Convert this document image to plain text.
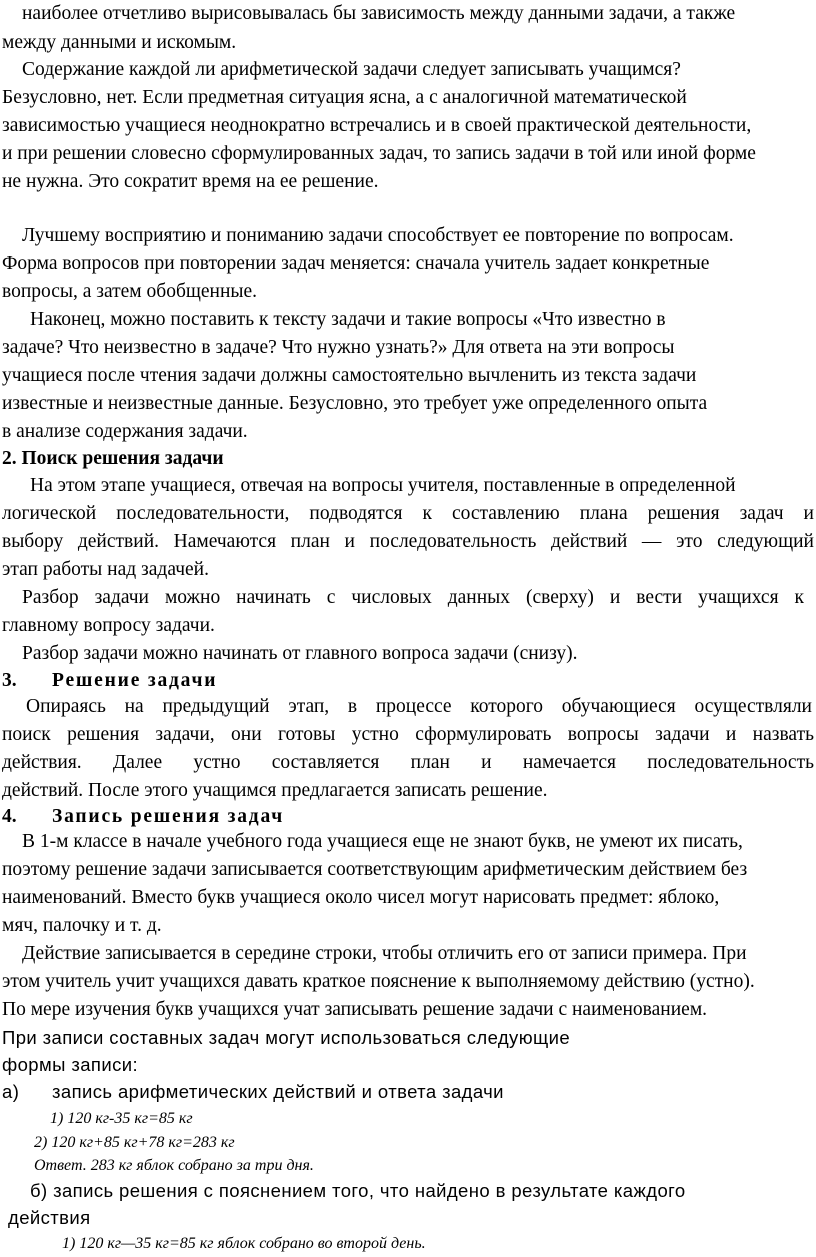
наиболее отчетливо вырисовывалась бы зависимость между данными задачи, а также
между данными и искомым.
Содержание каждой ли арифметической задачи следует записывать учащимся?
Безусловно, нет. Если предметная ситуация ясна, а с аналогичной математической
зависимостью учащиеся неоднократно встречались и в своей практической деятельности,
и при решении словесно сформулированных задач, то запись задачи в той или иной форме
не нужна. Это сократит время на ее решение.
Лучшему восприятию и пониманию задачи способствует ее повторение по вопросам.
Форма вопросов при повторении задач меняется: сначала учитель задает конкретные
вопросы, а затем обобщенные.
Наконец, можно поставить к тексту задачи и такие вопросы «Что известно в
задаче? Что неизвестно в задаче? Что нужно узнать?» Для ответа на эти вопросы
учащиеся после чтения задачи должны самостоятельно вычленить из текста задачи
известные и неизвестные данные. Безусловно, это требует уже определенного опыта
в анализе содержания задачи.
2. Поиск решения задачи
На этом этапе учащиеся, отвечая на вопросы учителя, поставленные в определенной
логической последовательности, подводятся к составлению плана решения задач и
выбору действий. Намечаются план и последовательность действий — это следующий
этап работы над задачей.
Разбор задачи можно начинать с числовых данных (сверху) и вести учащихся к
главному вопросу задачи.
Разбор задачи можно начинать от главного вопроса задачи (снизу).
3. Решение задачи
Опираясь на предыдущий этап, в процессе которого обучающиеся осуществляли
поиск решения задачи, они готовы устно сформулировать вопросы задачи и назвать
действия. Далее устно составляется план и намечается последовательность
действий. После этого учащимся предлагается записать решение.
4. Запись решения задач
В 1-м классе в начале учебного года учащиеся еще не знают букв, не умеют их писать,
поэтому решение задачи записывается соответствующим арифметическим действием без
наименований. Вместо букв учащиеся около чисел могут нарисовать предмет: яблоко,
мяч, палочку и т. д.
Действие записывается в середине строки, чтобы отличить его от записи примера. При
этом учитель учит учащихся давать краткое пояснение к выполняемому действию (устно).
По мере изучения букв учащихся учат записывать решение задачи с наименованием.
При записи составных задач могут использоваться следующие
формы записи:
а) запись арифметических действий и ответа задачи
1) 120 кг-35 кг=85 кг
2) 120 кг+85 кг+78 кг=283 кг
Ответ. 283 кг яблок собрано за три дня.
б) запись решения с пояснением того, что найдено в результате каждого
действия
1) 120 кг—35 кг=85 кг яблок собрано во второй день.
